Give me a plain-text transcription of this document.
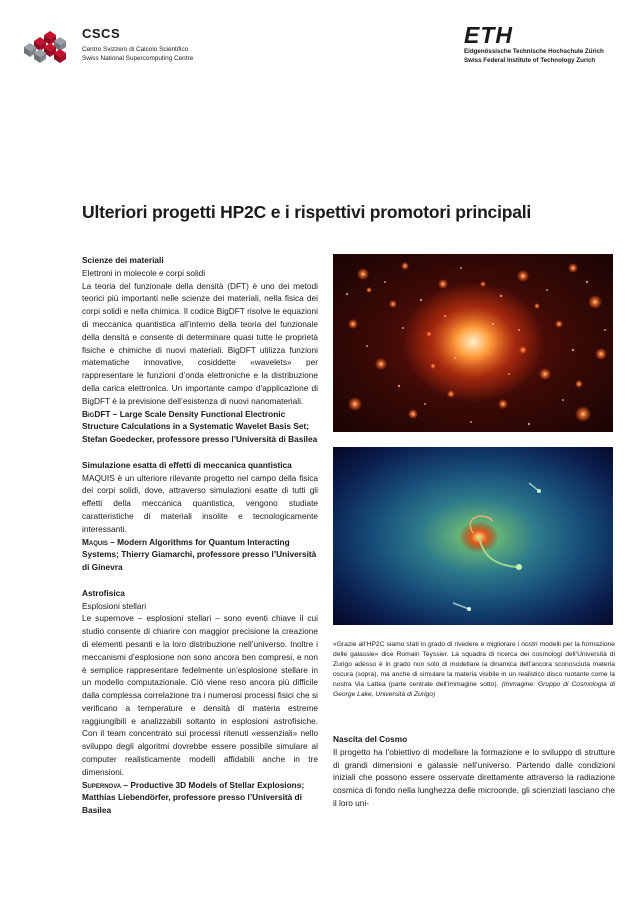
CSCS
Centro Svizzero di Calcolo Scientifico
Swiss National Supercomputing Centre
ETH
Eidgenössische Technische Hochschule Zürich
Swiss Federal Institute of Technology Zurich
Ulteriori progetti HP2C e i rispettivi promotori principali

Scienze dei materiali

Elettroni in molecole e corpi solidi

La teoria del funzionale della densità (DFT) è uno dei metodi teorici più importanti nelle scienze dei materiali, nella fisica dei corpi solidi e nella chimica. Il codice BigDFT risolve le equazioni di meccanica quantistica all’interno della teoria del funzionale della densità e consente di determinare quasi tutte le proprietà fisiche e chimiche di nuovi materiali. BigDFT utilizza funzioni matematiche innovative, cosiddette «wavelets» per rappresentare le funzioni d’onda elettroniche e la distribuzione della carica elettronica. Un importante campo d’applicazione di BigDFT è la previsione dell’esistenza di nuovi nanomateriali.

BigDFT – Large Scale Density Functional Electronic Structure Calculations in a Systematic Wavelet Basis Set; Stefan Goedecker, professore presso l’Università di Basilea

Simulazione esatta di effetti di meccanica quantistica

MAQUIS è un ulteriore rilevante progetto nel campo della fisica dei corpi solidi, dove, attraverso simulazioni esatte di tutti gli effetti della meccanica quantistica, vengono studiate caratteristiche di materiali insolite e tecnologicamente interessanti.

Maquis – Modern Algorithms for Quantum Interacting Systems; Thierry Giamarchi, professore presso l’Università di Ginevra

Astrofisica

Esplosioni stellari

Le supernove – esplosioni stellari – sono eventi chiave il cui studio consente di chiarire con maggior precisione la creazione di elementi pesanti e la loro distribuzione nell’universo. Inoltre i meccanismi d’esplosione non sono ancora ben compresi, e non è semplice rappresentare fedelmente un’esplosione stellare in un modello computazionale. Ciò viene reso ancora più difficile dalla complessa correlazione tra i numerosi processi fisici che si verificano a temperature e densità di materia estreme raggiungibili e analizzabili soltanto in esplosioni astrofisiche. Con il team concentrato sui processi ritenuti «essenziali» nello sviluppo degli algoritmi dovrebbe essere possibile simulare al computer realisticamente modelli affidabili anche in tre dimensioni.

Supernova – Productive 3D Models of Stellar Explosions; Matthias Liebendörfer, professore presso l’Università di Basilea

«Grazie all’HP2C siamo stati in grado di rivedere e migliorare i nostri modelli per la formazione delle galassie» dice Romain Teyssier. La squadra di ricerca dei cosmologi dell’Università di Zurigo adesso è in grado non solo di modellare la dinamica dell’ancora sconosciuta materia oscura (sopra), ma anche di simulare la materia visibile in un realistico disco ruotante come la nostra Via Lattea (parte centrale dell’immagine sotto). (Immagine: Gruppo di Cosmologia di George Lake, Università di Zurigo)

Nascita del Cosmo

Il progetto ha l’obiettivo di modellare la formazione e lo sviluppo di strutture di grandi dimensioni e galassie nell’universo. Partendo dalle condizioni iniziali che possono essere osservate direttamente attraverso la radiazione cosmica di fondo nella lunghezza delle microonde, gli scienziati lasciano che il loro uni-
